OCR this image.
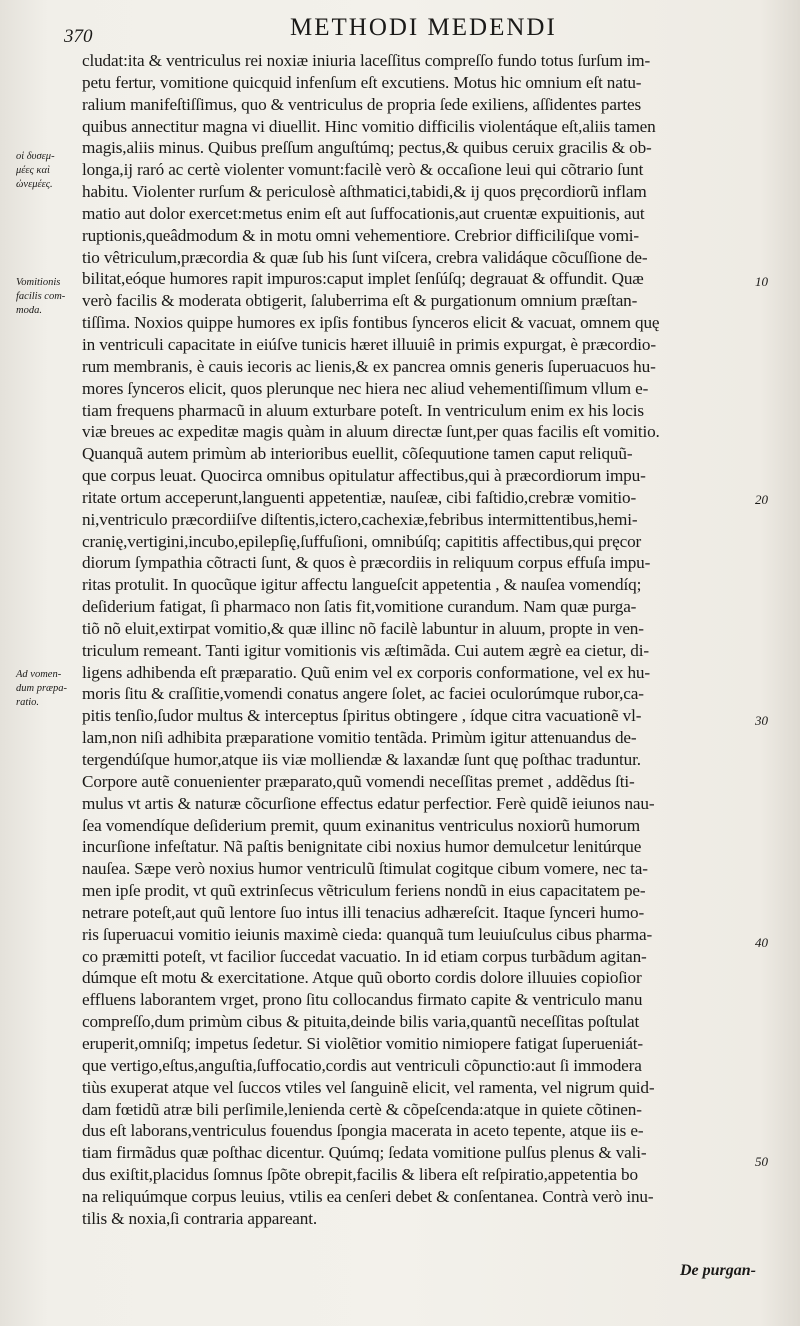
370	METHODI MEDENDI
cludat:ita & ventriculus rei noxiæ iniuria laceſſitus compreſſo fundo totus ſurſum im-
petu fertur, vomitione quicquid infenſum eſt excutiens. Motus hic omnium eſt natu-
ralium manifeſtiſſimus, quo & ventriculus de propria ſede exiliens, aſſidentes partes
quibus annectitur magna vi diuellit. Hinc vomitio difficilis violentáque eſt,aliis tamen
magis,aliis minus. Quibus preſſum anguſtúmq; pectus,& quibus ceruix gracilis & ob-
longa,ij raró ac certè violenter vomunt:facilè verò & occaſione leui qui cõtrario ſunt
habitu. Violenter rurſum & periculosè aſthmatici,tabidi,& ij quos pręcordiorũ inflam
matio aut dolor exercet:metus enim eſt aut ſuffocationis,aut cruentæ expuitionis, aut
ruptionis,queâdmodum & in motu omni vehementiore. Crebrior difficiliſque vomi-
tio vêtriculum,præcordia & quæ ſub his ſunt viſcera, crebra validáque cõcuſſione de-
bilitat,eóque humores rapit impuros:caput implet ſenſúſq; degrauat & offundit. Quæ
verò facilis & moderata obtigerit, ſaluberrima eſt & purgationum omnium præſtan-
tiſſima. Noxios quippe humores ex ipſis fontibus ſynceros elicit & vacuat, omnem quę
in ventriculi capacitate in eiúſve tunicis hæret illuuiê in primis expurgat, è præcordio-
rum membranis, è cauis iecoris ac lienis,& ex pancrea omnis generis ſuperuacuos hu-
mores ſynceros elicit, quos plerunque nec hiera nec aliud vehementiſſimum vllum e-
tiam frequens pharmacũ in aluum exturbare poteſt. In ventriculum enim ex his locis
viæ breues ac expeditæ magis quàm in aluum directæ ſunt,per quas facilis eſt vomitio.
Quanquã autem primùm ab interioribus euellit, cõſequutione tamen caput reliquũ-
que corpus leuat. Quocirca omnibus opitulatur affectibus,qui à præcordiorum impu-
ritate ortum acceperunt,languenti appetentiæ, nauſeæ, cibi faſtidio,crebræ vomitio-
ni,ventriculo præcordiiſve diſtentis,ictero,cachexiæ,febribus intermittentibus,hemi-
cranię,vertigini,incubo,epilepſię,ſuffuſioni, omnibúſq; capititis affectibus,qui pręcor
diorum ſympathia cõtracti ſunt, & quos è præcordiis in reliquum corpus effuſa impu-
ritas protulit. In quocũque igitur affectu langueſcit appetentia , & nauſea vomendíq;
deſiderium fatigat, ſi pharmaco non ſatis fit,vomitione curandum. Nam quæ purga-
tiõ nõ eluit,extirpat vomitio,& quæ illinc nõ facilè labuntur in aluum, propte in ven-
triculum remeant. Tanti igitur vomitionis vis æſtimãda. Cui autem ægrè ea cietur, di-
ligens adhibenda eſt præparatio. Quũ enim vel ex corporis conformatione, vel ex hu-
moris ſitu & craſſitie,vomendi conatus angere ſolet, ac faciei oculorúmque rubor,ca-
pitis tenſio,ſudor multus & interceptus ſpiritus obtingere , ídque citra vacuationẽ vl-
lam,non niſi adhibita præparatione vomitio tentãda. Primùm igitur attenuandus de-
tergendúſque humor,atque iis viæ molliendæ & laxandæ ſunt quę poſthac traduntur.
Corpore autẽ conuenienter præparato,quũ vomendi neceſſitas premet , addẽdus ſti-
mulus vt artis & naturæ cõcurſione effectus edatur perfectior. Ferè quidẽ ieiunos nau-
ſea vomendíque deſiderium premit, quum exinanitus ventriculus noxiorũ humorum
incurſione infeſtatur. Nã paſtis benignitate cibi noxius humor demulcetur lenitúrque
nauſea. Sæpe verò noxius humor ventriculũ ſtimulat cogitque cibum vomere, nec ta-
men ipſe prodit, vt quũ extrinſecus vẽtriculum feriens nondũ in eius capacitatem pe-
netrare poteſt,aut quũ lentore ſuo intus illi tenacius adhæreſcit. Itaque ſynceri humo-
ris ſuperuacui vomitio ieiunis maximè cieda: quanquã tum leuiuſculus cibus pharma-
co præmitti poteſt, vt facilior ſuccedat vacuatio. In id etiam corpus turbãdum agitan-
dúmque eſt motu & exercitatione. Atque quũ oborto cordis dolore illuuies copioſior
effluens laborantem vrget, prono ſitu collocandus firmato capite & ventriculo manu
compreſſo,dum primùm cibus & pituita,deinde bilis varia,quantũ neceſſitas poſtulat
eruperit,omniſq; impetus ſedetur. Si violẽtior vomitio nimiopere fatigat ſuperueniát-
que vertigo,eſtus,anguſtia,ſuffocatio,cordis aut ventriculi cõpunctio:aut ſi immodera
tiùs exuperat atque vel ſuccos vtiles vel ſanguinẽ elicit, vel ramenta, vel nigrum quid-
dam fœtidũ atræ bili perſimile,lenienda certè & cõpeſcenda:atque in quiete cõtinen-
dus eſt laborans,ventriculus fouendus ſpongia macerata in aceto tepente, atque iis e-
tiam firmãdus quæ poſthac dicentur. Quúmq; ſedata vomitione pulſus plenus & vali-
dus exiſtit,placidus ſomnus ſpõte obrepit,facilis & libera eſt reſpiratio,appetentia bo
na reliquúmque corpus leuius, vtilis ea cenſeri debet & conſentanea. Contrà verò inu-
tilis & noxia,ſi contraria appareant.
οἱ δυσεμ-
μέες καὶ
ὠνεμέες.
Vomitionis
facilis com-
moda.
Ad vomen-
dum præpa-
ratio.
10
20
30
40
50
De purgan-
